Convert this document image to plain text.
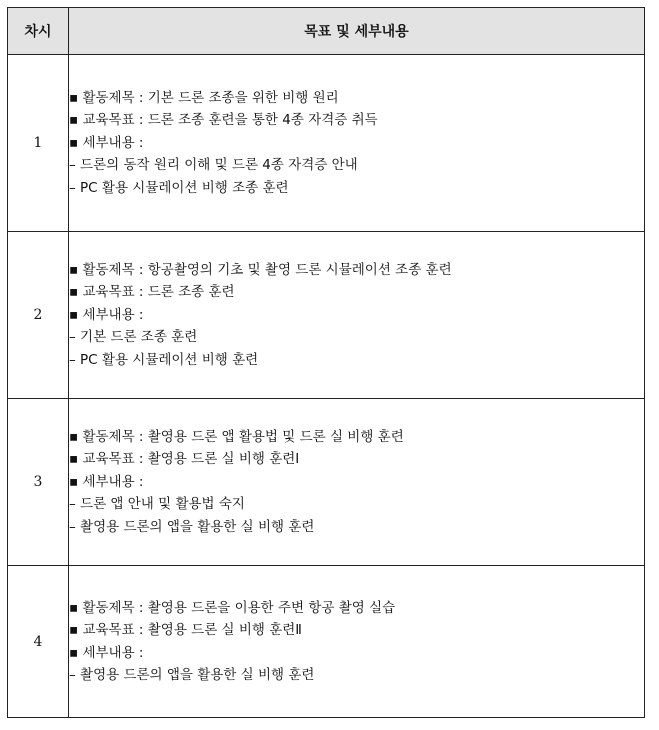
차시	목표 및 세부내용
1	▪ 활동제목 : 기본 드론 조종을 위한 비행 원리
▪ 교육목표 : 드론 조종 훈련을 통한 4종 자격증 취득
▪ 세부내용 :
– 드론의 동작 원리 이해 및 드론 4종 자격증 안내
– PC 활용 시뮬레이션 비행 조종 훈련

2	▪ 활동제목 : 항공촬영의 기초 및 촬영 드론 시뮬레이션 조종 훈련
▪ 교육목표 : 드론 조종 훈련
▪ 세부내용 :
– 기본 드론 조종 훈련
– PC 활용 시뮬레이션 비행 훈련

3	▪ 활동제목 : 촬영용 드론 앱 활용법 및 드론 실 비행 훈련
▪ 교육목표 : 촬영용 드론 실 비행 훈련Ⅰ
▪ 세부내용 :
– 드론 앱 안내 및 활용법 숙지
– 촬영용 드론의 앱을 활용한 실 비행 훈련

4	▪ 활동제목 : 촬영용 드론을 이용한 주변 항공 촬영 실습
▪ 교육목표 : 촬영용 드론 실 비행 훈련Ⅱ
▪ 세부내용 :
– 촬영용 드론의 앱을 활용한 실 비행 훈련
